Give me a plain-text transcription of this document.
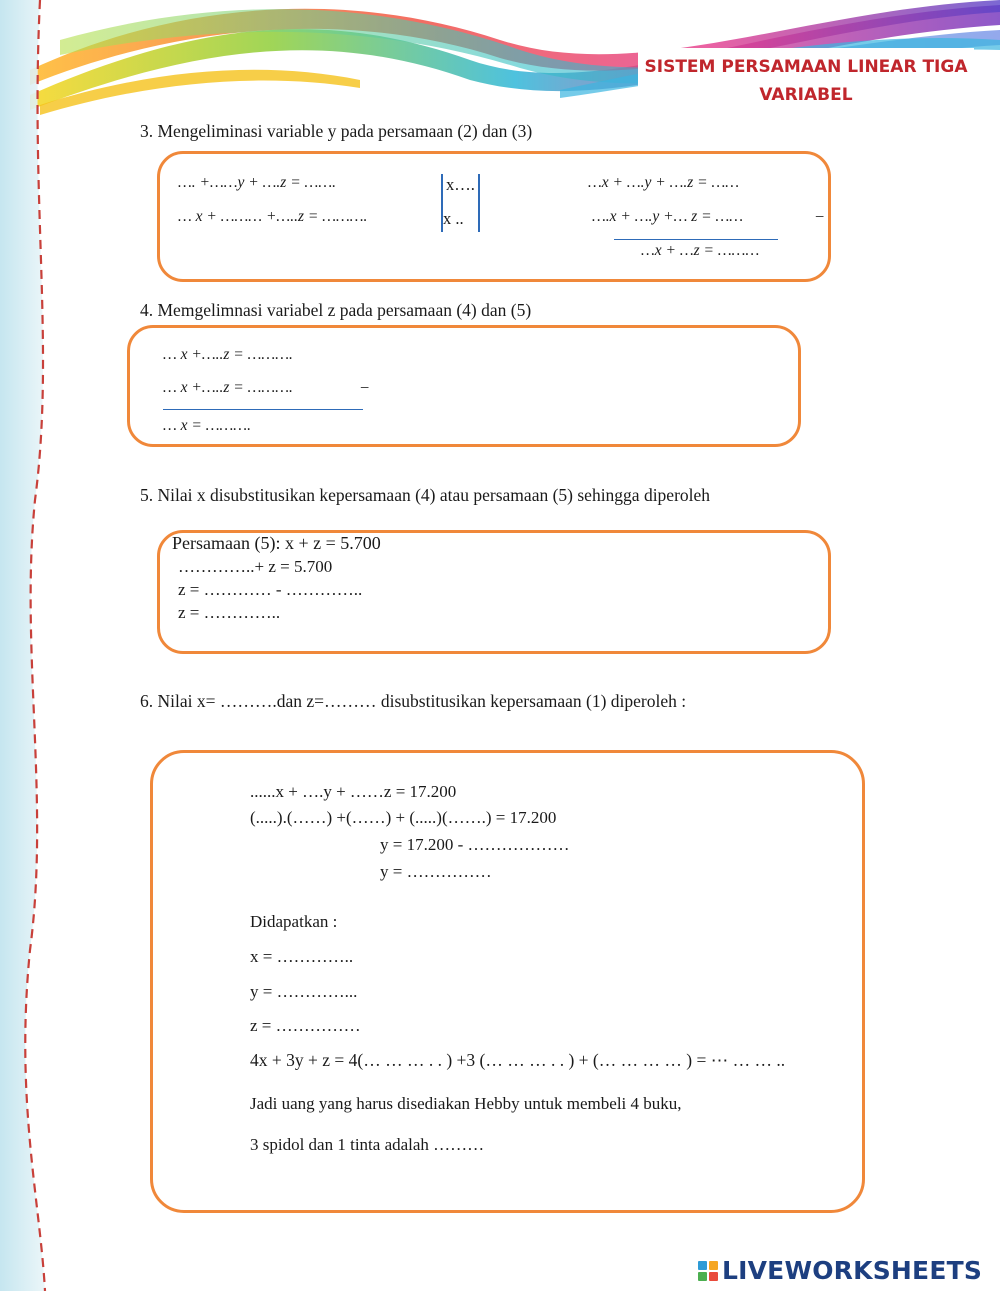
SISTEM PERSAMAAN LINEAR TIGA
VARIABEL
3. Mengeliminasi variable y pada persamaan (2) dan (3)
…. +……y + ….z = …….
… x + ……… +…..z = ……….
x….
x ..
…x + ….y + ….z = ……
….x + ….y +… z = ……	−
…x + …z = ………
4. Memgelimnasi variabel z pada persamaan (4) dan (5)
… x +…..z = ……….
… x +…..z = ……….	−
… x = ……….
5. Nilai x disubstitusikan kepersamaan (4) atau persamaan (5) sehingga diperoleh
Persamaan (5): x + z = 5.700
…………..+ z = 5.700
z = ………… - …………..
z = …………..
6. Nilai x= ……….dan z=……… disubstitusikan kepersamaan (1) diperoleh :
......x + ….y + ……z = 17.200
(.....).(……) +(……) + (.....)(…….) = 17.200
y = 17.200 - ………………
y = ……………
Didapatkan :
x = …………..
y = …………...
z = ……………
4x + 3y + z = 4(… … … . . ) +3 (… … … . . ) + (… … … … ) = ⋯ … … ..
Jadi uang yang harus disediakan Hebby untuk membeli 4 buku,
3 spidol dan 1 tinta adalah ………
LIVEWORKSHEETS
